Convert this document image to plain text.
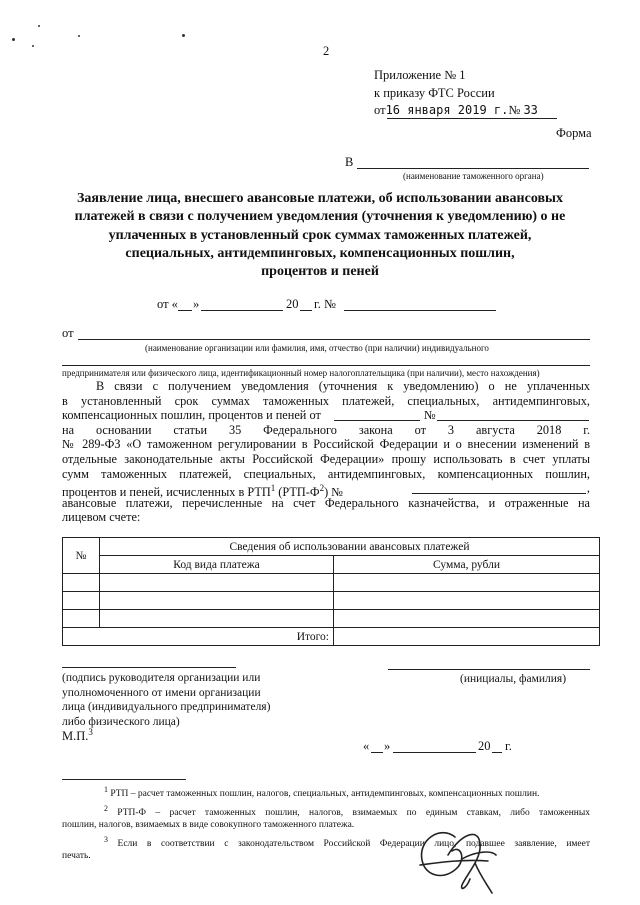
2
Приложение № 1
к приказу ФТС России
от16 января 2019 г.№ 33
Форма
В
(наименование таможенного органа)
Заявление лица, внесшего авансовые платежи, об использовании авансовых
платежей в связи с получением уведомления (уточнения к уведомлению) о не
уплаченных в установленный срок суммах таможенных платежей,
специальных, антидемпинговых, компенсационных пошлин,
процентов и пеней
от « »	20 г. №
от
(наименование организации или фамилия, имя, отчество (при наличии) индивидуального
предпринимателя или физического лица, идентификационный номер налогоплательщика (при наличии), место нахождения)
В связи с получением уведомления (уточнения к уведомлению) о не уплаченных
в установленный срок суммах таможенных платежей, специальных, антидемпинговых,
компенсационных пошлин, процентов и пеней от	№
на основании статьи 35 Федерального закона от 3 августа 2018 г.
№ 289-ФЗ «О таможенном регулировании в Российской Федерации и о внесении изменений в
отдельные законодательные акты Российской Федерации» прошу использовать в счет уплаты
сумм таможенных платежей, специальных, антидемпинговых, компенсационных пошлин,
процентов и пеней, исчисленных в РТП$^1$ $(РТП-Ф^2)$ №	,
авансовые платежи, перечисленные на счет Федерального казначейства, и отраженные на
лицевом счете:
№	Сведения об использовании авансовых платежей	
	Код вида платежа	Сумма, рубли

Итого:		
(подпись руководителя организации или
уполномоченного от имени организации
лица (индивидуального предпринимателя)
либо физического лица)
М.П.$^3$
(инициалы, фамилия)
« »	20 г.
$^1$ РТП – расчет таможенных пошлин, налогов, специальных, антидемпинговых, компенсационных пошлин.
$^2$ РТП-Ф – расчет таможенных пошлин, налогов, взимаемых по единым ставкам, либо таможенных
пошлин, налогов, взимаемых в виде совокупного таможенного платежа.
$^3$ Если в соответствии с законодательством Российской Федерации лицо, подавшее заявление, имеет
печать.
